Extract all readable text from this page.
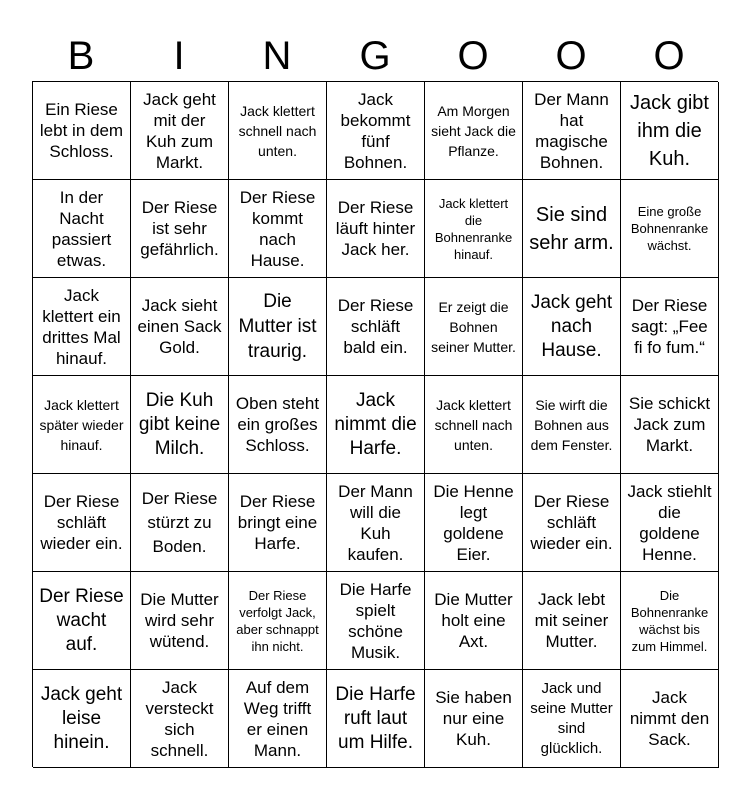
B	I	N	G	O	O	O
Ein Riese lebt in dem Schloss.
Jack geht mit der Kuh zum Markt.
Jack klettert schnell nach unten.
Jack bekommt fünf Bohnen.
Am Morgen sieht Jack die Pflanze.
Der Mann hat magische Bohnen.
Jack gibt ihm die Kuh.
In der Nacht passiert etwas.
Der Riese ist sehr gefährlich.
Der Riese kommt nach Hause.
Der Riese läuft hinter Jack her.
Jack klettert die Bohnenranke hinauf.
Sie sind sehr arm.
Eine große Bohnenranke wächst.
Jack klettert ein drittes Mal hinauf.
Jack sieht einen Sack Gold.
Die Mutter ist traurig.
Der Riese schläft bald ein.
Er zeigt die Bohnen seiner Mutter.
Jack geht nach Hause.
Der Riese sagt: „Fee fi fo fum.“
Jack klettert später wieder hinauf.
Die Kuh gibt keine Milch.
Oben steht ein großes Schloss.
Jack nimmt die Harfe.
Jack klettert schnell nach unten.
Sie wirft die Bohnen aus dem Fenster.
Sie schickt Jack zum Markt.
Der Riese schläft wieder ein.
Der Riese stürzt zu Boden.
Der Riese bringt eine Harfe.
Der Mann will die Kuh kaufen.
Die Henne legt goldene Eier.
Der Riese schläft wieder ein.
Jack stiehlt die goldene Henne.
Der Riese wacht auf.
Die Mutter wird sehr wütend.
Der Riese verfolgt Jack, aber schnappt ihn nicht.
Die Harfe spielt schöne Musik.
Die Mutter holt eine Axt.
Jack lebt mit seiner Mutter.
Die Bohnenranke wächst bis zum Himmel.
Jack geht leise hinein.
Jack versteckt sich schnell.
Auf dem Weg trifft er einen Mann.
Die Harfe ruft laut um Hilfe.
Sie haben nur eine Kuh.
Jack und seine Mutter sind glücklich.
Jack nimmt den Sack.
